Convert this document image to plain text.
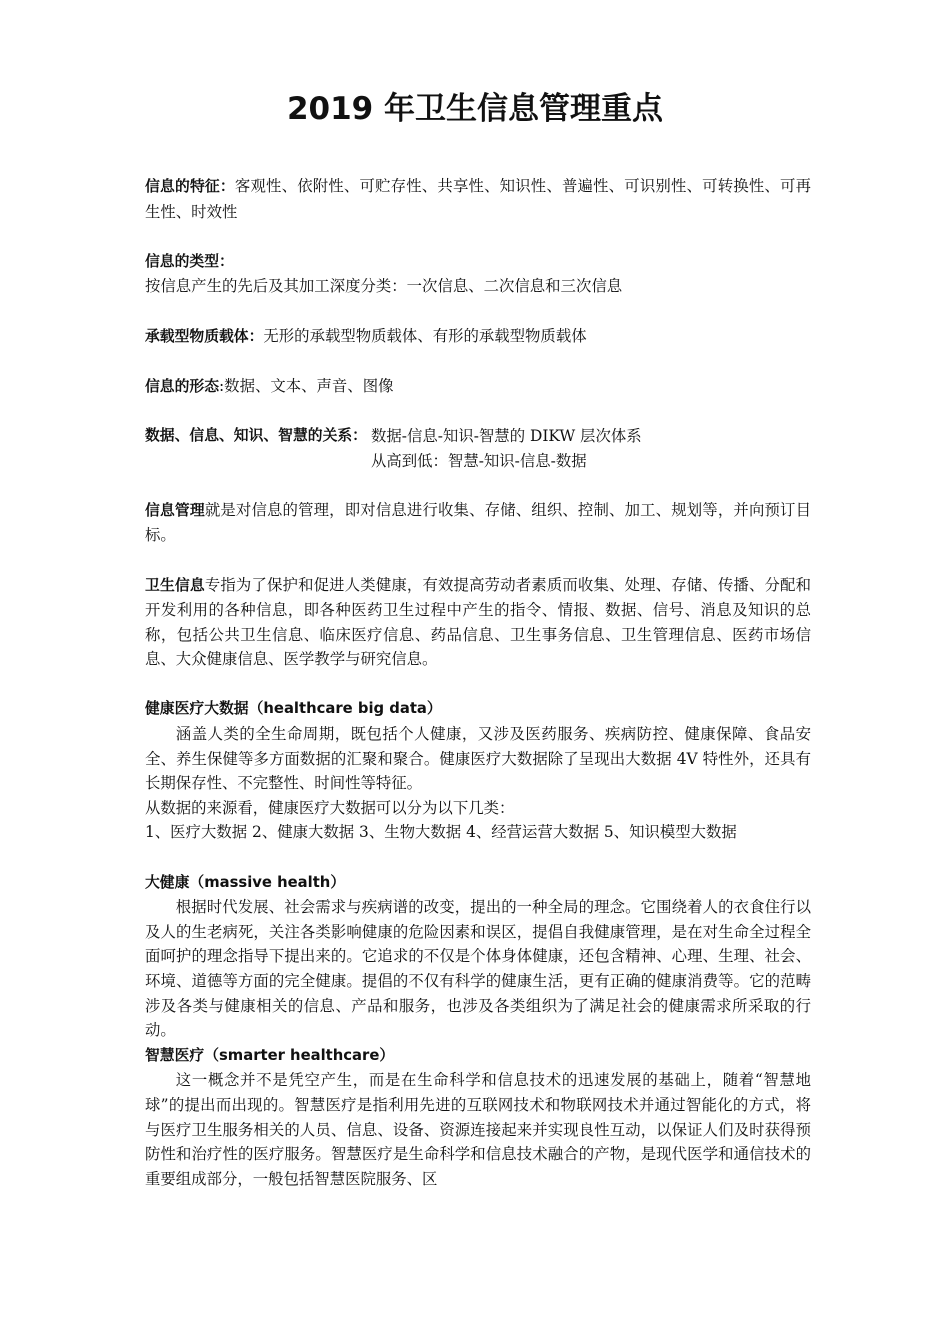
2019 年卫生信息管理重点

信息的特征：客观性、依附性、可贮存性、共享性、知识性、普遍性、可识别性、可转换性、可再生性、时效性

信息的类型：

按信息产生的先后及其加工深度分类：一次信息、二次信息和三次信息

承载型物质载体：无形的承载型物质载体、有形的承载型物质载体

信息的形态:数据、文本、声音、图像

数据、信息、知识、智慧的关系： 数据-信息-知识-智慧的 DIKW 层次体系
从高到低：智慧-知识-信息-数据

信息管理就是对信息的管理，即对信息进行收集、存储、组织、控制、加工、规划等，并向预订目标。

卫生信息专指为了保护和促进人类健康，有效提高劳动者素质而收集、处理、存储、传播、分配和开发利用的各种信息，即各种医药卫生过程中产生的指令、情报、数据、信号、消息及知识的总称，包括公共卫生信息、临床医疗信息、药品信息、卫生事务信息、卫生管理信息、医药市场信息、大众健康信息、医学教学与研究信息。

健康医疗大数据（healthcare big data）

涵盖人类的全生命周期，既包括个人健康，又涉及医药服务、疾病防控、健康保障、食品安全、养生保健等多方面数据的汇聚和聚合。健康医疗大数据除了呈现出大数据 4V 特性外，还具有长期保存性、不完整性、时间性等特征。

从数据的来源看，健康医疗大数据可以分为以下几类：

1、医疗大数据 2、健康大数据 3、生物大数据 4、经营运营大数据 5、知识模型大数据

大健康（massive health）

根据时代发展、社会需求与疾病谱的改变，提出的一种全局的理念。它围绕着人的衣食住行以及人的生老病死，关注各类影响健康的危险因素和误区，提倡自我健康管理，是在对生命全过程全面呵护的理念指导下提出来的。它追求的不仅是个体身体健康，还包含精神、心理、生理、社会、环境、道德等方面的完全健康。提倡的不仅有科学的健康生活，更有正确的健康消费等。它的范畴涉及各类与健康相关的信息、产品和服务，也涉及各类组织为了满足社会的健康需求所采取的行动。

智慧医疗（smarter healthcare）

这一概念并不是凭空产生，而是在生命科学和信息技术的迅速发展的基础上，随着“智慧地球”的提出而出现的。智慧医疗是指利用先进的互联网技术和物联网技术并通过智能化的方式，将与医疗卫生服务相关的人员、信息、设备、资源连接起来并实现良性互动，以保证人们及时获得预防性和治疗性的医疗服务。智慧医疗是生命科学和信息技术融合的产物，是现代医学和通信技术的重要组成部分，一般包括智慧医院服务、区
